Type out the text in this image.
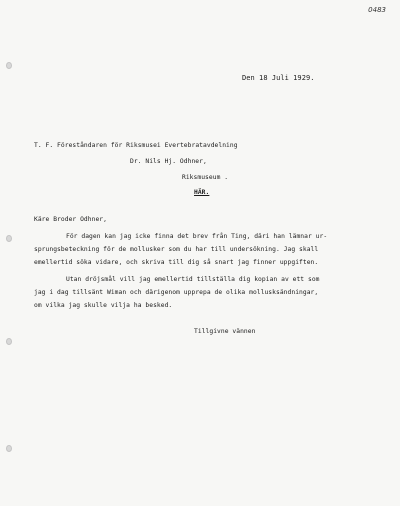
0483

Den 18 Juli 1929.

T. F. Föreståndaren för Riksmusei Evertebratavdelning

Dr. Nils Hj. Odhner,

Riksmuseum .

HÄR.

Käre Broder Odhner,

För dagen kan jag icke finna det brev från Ting, däri han lämnar ur-

sprungsbeteckning för de mollusker som du har till undersökning. Jag skall

emellertid söka vidare, och skriva till dig så snart jag finner uppgiften.

Utan dröjsmål vill jag emellertid tillställa dig kopian av ett som

jag i dag tillsänt Wiman och därigenom upprepa de olika mollusksändningar,

om vilka jag skulle vilja ha besked.

Tillgivne vännen
